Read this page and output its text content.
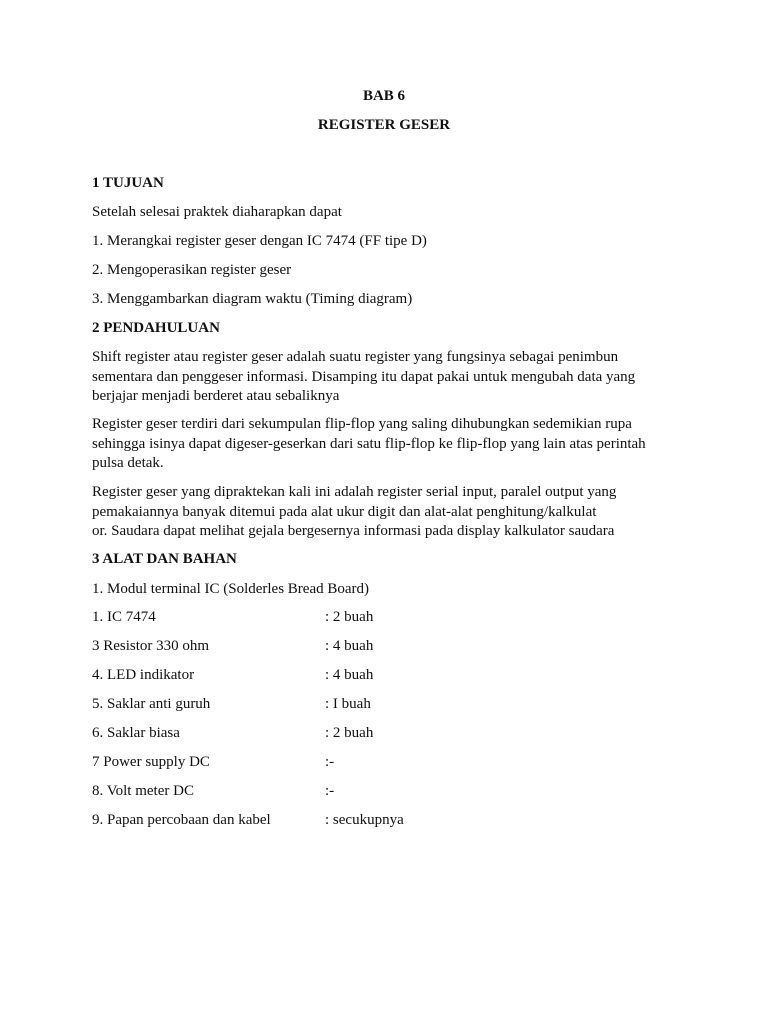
BAB 6
REGISTER GESER
1 TUJUAN
Setelah selesai praktek diaharapkan dapat
1. Merangkai register geser dengan IC 7474 (FF tipe D)
2. Mengoperasikan register geser
3. Menggambarkan diagram waktu (Timing diagram)
2 PENDAHULUAN
Shift register atau register geser adalah suatu register yang fungsinya sebagai penimbun
sementara dan penggeser informasi. Disamping itu dapat pakai untuk mengubah data yang
berjajar menjadi berderet atau sebaliknya
Register geser terdiri dari sekumpulan flip-flop yang saling dihubungkan sedemikian rupa
sehingga isinya dapat digeser-geserkan dari satu flip-flop ke flip-flop yang lain atas perintah
pulsa detak.
Register geser yang dipraktekan kali ini adalah register serial input, paralel output yang
pemakaiannya banyak ditemui pada alat ukur digit dan alat-alat penghitung/kalkulat
or. Saudara dapat melihat gejala bergesernya informasi pada display kalkulator saudara
3 ALAT DAN BAHAN
1. Modul terminal IC (Solderles Bread Board)
1. IC 7474	: 2 buah
3 Resistor 330 ohm	: 4 buah
4. LED indikator	: 4 buah
5. Saklar anti guruh	: I buah
6. Saklar biasa	: 2 buah
7 Power supply DC	:-
8. Volt meter DC	:-
9. Papan percobaan dan kabel	: secukupnya
